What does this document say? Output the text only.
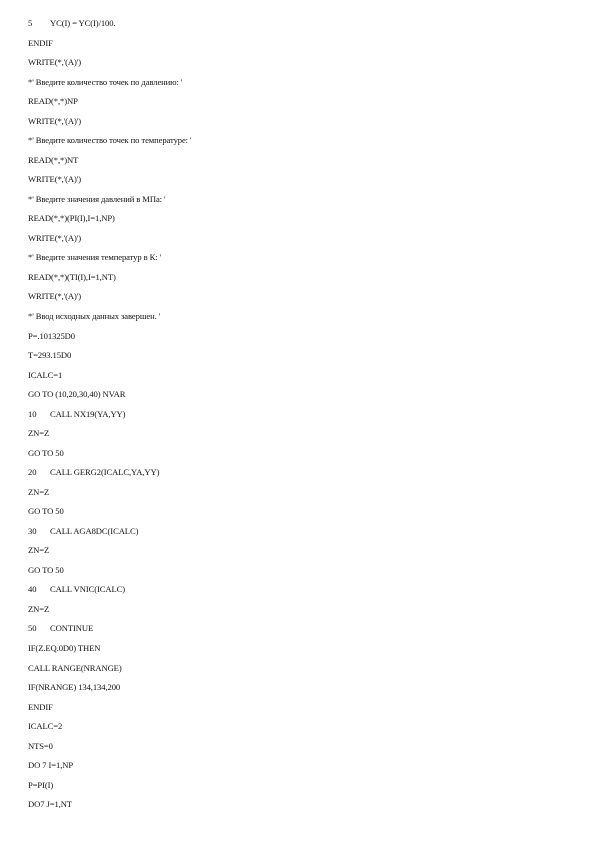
5 YC(I) = YC(I)/100.

ENDIF

WRITE(*,'(A)')

*' Введите количество точек по давлению: '

READ(*,*)NP

WRITE(*,'(A)')

*' Введите количество точек по температуре: '

READ(*,*)NT

WRITE(*,'(A)')

*' Введите значения давлений в МПа: '

READ(*,*)(PI(I),I=1,NP)

WRITE(*,'(A)')

*' Введите значения температур в К: '

READ(*,*)(TI(I),I=1,NT)

WRITE(*,'(A)')

*' Ввод исходных данных завершен. '

P=.101325D0

T=293.15D0

ICALC=1

GO TO (10,20,30,40) NVAR

10 CALL NX19(YA,YY)

ZN=Z

GO TO 50

20 CALL GERG2(ICALC,YA,YY)

ZN=Z

GO TO 50

30 CALL AGA8DC(ICALC)

ZN=Z

GO TO 50

40 CALL VNIC(ICALC)

ZN=Z

50 CONTINUE

IF(Z.EQ.0D0) THEN

CALL RANGE(NRANGE)

IF(NRANGE) 134,134,200

ENDIF

ICALC=2

NTS=0

DO 7 I=1,NP

P=PI(I)

DO7 J=1,NT
